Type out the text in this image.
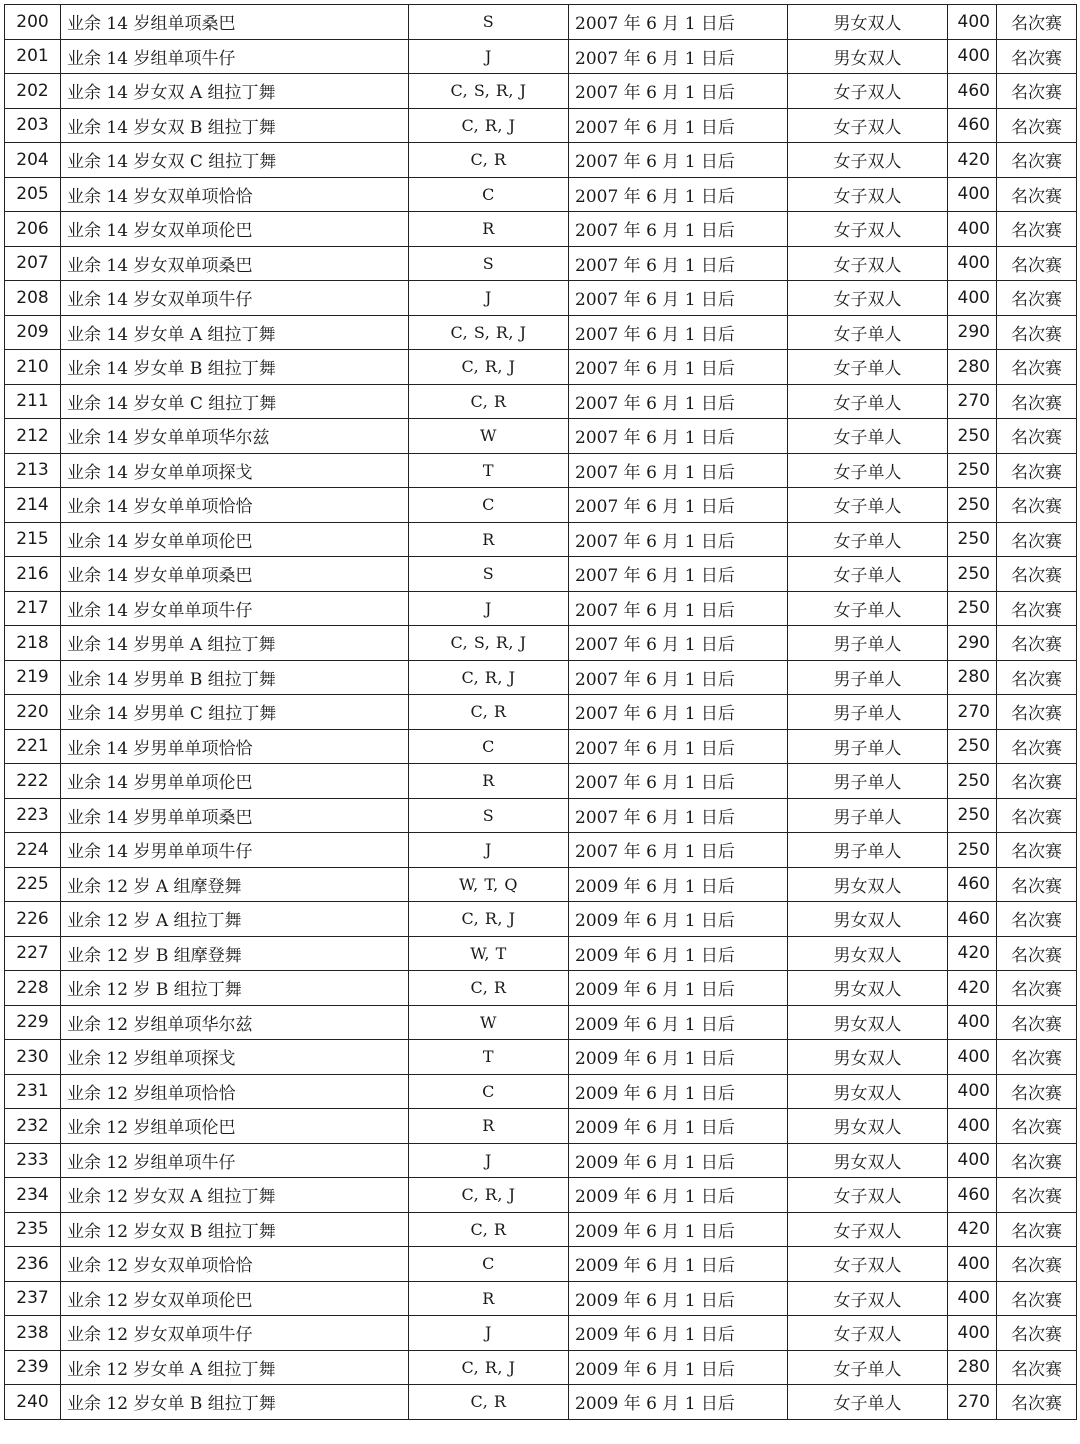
200	业余 14 岁组单项桑巴	S	2007 年 6 月 1 日后	男女双人	400	名次赛
201	业余 14 岁组单项牛仔	J	2007 年 6 月 1 日后	男女双人	400	名次赛
202	业余 14 岁女双 A 组拉丁舞	C, S, R, J	2007 年 6 月 1 日后	女子双人	460	名次赛
203	业余 14 岁女双 B 组拉丁舞	C, R, J	2007 年 6 月 1 日后	女子双人	460	名次赛
204	业余 14 岁女双 C 组拉丁舞	C, R	2007 年 6 月 1 日后	女子双人	420	名次赛
205	业余 14 岁女双单项恰恰	C	2007 年 6 月 1 日后	女子双人	400	名次赛
206	业余 14 岁女双单项伦巴	R	2007 年 6 月 1 日后	女子双人	400	名次赛
207	业余 14 岁女双单项桑巴	S	2007 年 6 月 1 日后	女子双人	400	名次赛
208	业余 14 岁女双单项牛仔	J	2007 年 6 月 1 日后	女子双人	400	名次赛
209	业余 14 岁女单 A 组拉丁舞	C, S, R, J	2007 年 6 月 1 日后	女子单人	290	名次赛
210	业余 14 岁女单 B 组拉丁舞	C, R, J	2007 年 6 月 1 日后	女子单人	280	名次赛
211	业余 14 岁女单 C 组拉丁舞	C, R	2007 年 6 月 1 日后	女子单人	270	名次赛
212	业余 14 岁女单单项华尔兹	W	2007 年 6 月 1 日后	女子单人	250	名次赛
213	业余 14 岁女单单项探戈	T	2007 年 6 月 1 日后	女子单人	250	名次赛
214	业余 14 岁女单单项恰恰	C	2007 年 6 月 1 日后	女子单人	250	名次赛
215	业余 14 岁女单单项伦巴	R	2007 年 6 月 1 日后	女子单人	250	名次赛
216	业余 14 岁女单单项桑巴	S	2007 年 6 月 1 日后	女子单人	250	名次赛
217	业余 14 岁女单单项牛仔	J	2007 年 6 月 1 日后	女子单人	250	名次赛
218	业余 14 岁男单 A 组拉丁舞	C, S, R, J	2007 年 6 月 1 日后	男子单人	290	名次赛
219	业余 14 岁男单 B 组拉丁舞	C, R, J	2007 年 6 月 1 日后	男子单人	280	名次赛
220	业余 14 岁男单 C 组拉丁舞	C, R	2007 年 6 月 1 日后	男子单人	270	名次赛
221	业余 14 岁男单单项恰恰	C	2007 年 6 月 1 日后	男子单人	250	名次赛
222	业余 14 岁男单单项伦巴	R	2007 年 6 月 1 日后	男子单人	250	名次赛
223	业余 14 岁男单单项桑巴	S	2007 年 6 月 1 日后	男子单人	250	名次赛
224	业余 14 岁男单单项牛仔	J	2007 年 6 月 1 日后	男子单人	250	名次赛
225	业余 12 岁 A 组摩登舞	W, T, Q	2009 年 6 月 1 日后	男女双人	460	名次赛
226	业余 12 岁 A 组拉丁舞	C, R, J	2009 年 6 月 1 日后	男女双人	460	名次赛
227	业余 12 岁 B 组摩登舞	W, T	2009 年 6 月 1 日后	男女双人	420	名次赛
228	业余 12 岁 B 组拉丁舞	C, R	2009 年 6 月 1 日后	男女双人	420	名次赛
229	业余 12 岁组单项华尔兹	W	2009 年 6 月 1 日后	男女双人	400	名次赛
230	业余 12 岁组单项探戈	T	2009 年 6 月 1 日后	男女双人	400	名次赛
231	业余 12 岁组单项恰恰	C	2009 年 6 月 1 日后	男女双人	400	名次赛
232	业余 12 岁组单项伦巴	R	2009 年 6 月 1 日后	男女双人	400	名次赛
233	业余 12 岁组单项牛仔	J	2009 年 6 月 1 日后	男女双人	400	名次赛
234	业余 12 岁女双 A 组拉丁舞	C, R, J	2009 年 6 月 1 日后	女子双人	460	名次赛
235	业余 12 岁女双 B 组拉丁舞	C, R	2009 年 6 月 1 日后	女子双人	420	名次赛
236	业余 12 岁女双单项恰恰	C	2009 年 6 月 1 日后	女子双人	400	名次赛
237	业余 12 岁女双单项伦巴	R	2009 年 6 月 1 日后	女子双人	400	名次赛
238	业余 12 岁女双单项牛仔	J	2009 年 6 月 1 日后	女子双人	400	名次赛
239	业余 12 岁女单 A 组拉丁舞	C, R, J	2009 年 6 月 1 日后	女子单人	280	名次赛
240	业余 12 岁女单 B 组拉丁舞	C, R	2009 年 6 月 1 日后	女子单人	270	名次赛
